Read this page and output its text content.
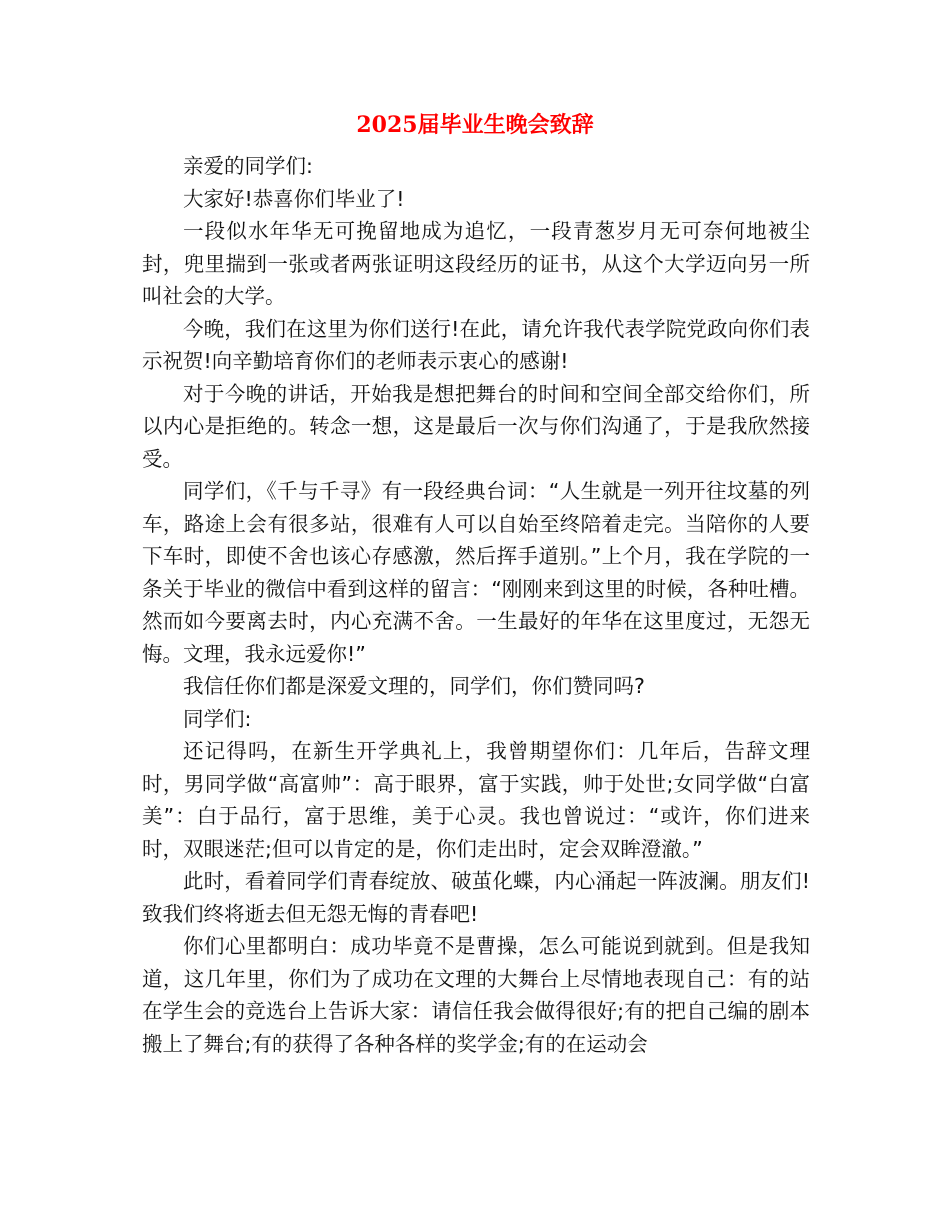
2025届毕业生晚会致辞

亲爱的同学们:

大家好!恭喜你们毕业了!

一段似水年华无可挽留地成为追忆，一段青葱岁月无可奈何地被尘封，兜里揣到一张或者两张证明这段经历的证书，从这个大学迈向另一所叫社会的大学。

今晚，我们在这里为你们送行!在此，请允许我代表学院党政向你们表示祝贺!向辛勤培育你们的老师表示衷心的感谢!

对于今晚的讲话，开始我是想把舞台的时间和空间全部交给你们，所以内心是拒绝的。转念一想，这是最后一次与你们沟通了，于是我欣然接受。

同学们，《千与千寻》有一段经典台词：“人生就是一列开往坟墓的列车，路途上会有很多站，很难有人可以自始至终陪着走完。当陪你的人要下车时，即使不舍也该心存感激，然后挥手道别。”上个月，我在学院的一条关于毕业的微信中看到这样的留言：“刚刚来到这里的时候，各种吐槽。然而如今要离去时，内心充满不舍。一生最好的年华在这里度过，无怨无悔。文理，我永远爱你!”

我信任你们都是深爱文理的，同学们，你们赞同吗?

同学们:

还记得吗，在新生开学典礼上，我曾期望你们：几年后，告辞文理时，男同学做“高富帅”：高于眼界，富于实践，帅于处世;女同学做“白富美”：白于品行，富于思维，美于心灵。我也曾说过：“或许，你们进来时，双眼迷茫;但可以肯定的是，你们走出时，定会双眸澄澈。”

此时，看着同学们青春绽放、破茧化蝶，内心涌起一阵波澜。朋友们!致我们终将逝去但无怨无悔的青春吧!

你们心里都明白：成功毕竟不是曹操，怎么可能说到就到。但是我知道，这几年里，你们为了成功在文理的大舞台上尽情地表现自己：有的站在学生会的竞选台上告诉大家：请信任我会做得很好;有的把自己编的剧本搬上了舞台;有的获得了各种各样的奖学金;有的在运动会
